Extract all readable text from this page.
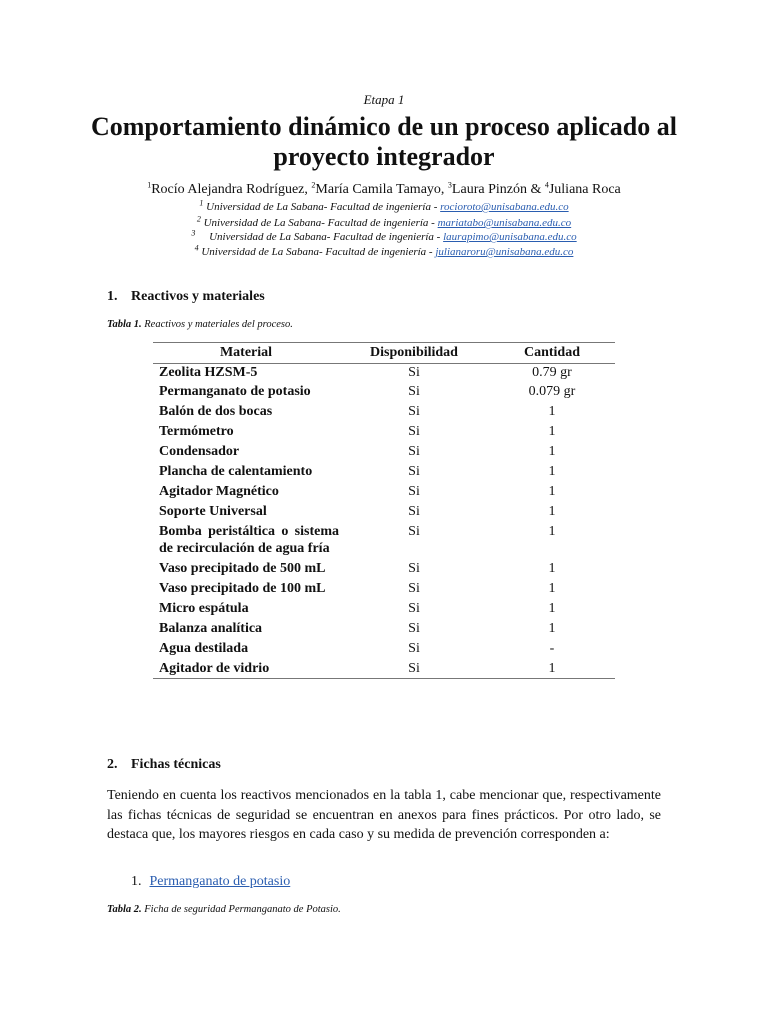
Etapa 1
Comportamiento dinámico de un proceso aplicado al proyecto integrador
$^1$Rocío Alejandra Rodríguez, $^2$María Camila Tamayo, $^3$Laura Pinzón & $^4$Juliana Roca
$^1$ Universidad de La Sabana- Facultad de ingeniería - rocioroto@unisabana.edu.co
$^2$ Universidad de La Sabana- Facultad de ingeniería - mariatabo@unisabana.edu.co
$^3$ Universidad de La Sabana- Facultad de ingeniería - laurapimo@unisabana.edu.co
$^4$ Universidad de La Sabana- Facultad de ingeniería - julianaroru@unisabana.edu.co
1. Reactivos y materiales
Tabla 1. Reactivos y materiales del proceso.
Material	Disponibilidad	Cantidad
Zeolita HZSM-5	Si	0.79 gr
Permanganato de potasio	Si	0.079 gr
Balón de dos bocas	Si	1
Termómetro	Si	1
Condensador	Si	1
Plancha de calentamiento	Si	1
Agitador Magnético	Si	1
Soporte Universal	Si	1
Bomba peristáltica o sistema de recirculación de agua fría	Si	1
Vaso precipitado de 500 mL	Si	1
Vaso precipitado de 100 mL	Si	1
Micro espátula	Si	1
Balanza analítica	Si	1
Agua destilada	Si	-
Agitador de vidrio	Si	1
2. Fichas técnicas
Teniendo en cuenta los reactivos mencionados en la tabla 1, cabe mencionar que, respectivamente las fichas técnicas de seguridad se encuentran en anexos para fines prácticos. Por otro lado, se destaca que, los mayores riesgos en cada caso y su medida de prevención corresponden a:
1. Permanganato de potasio
Tabla 2. Ficha de seguridad Permanganato de Potasio.
